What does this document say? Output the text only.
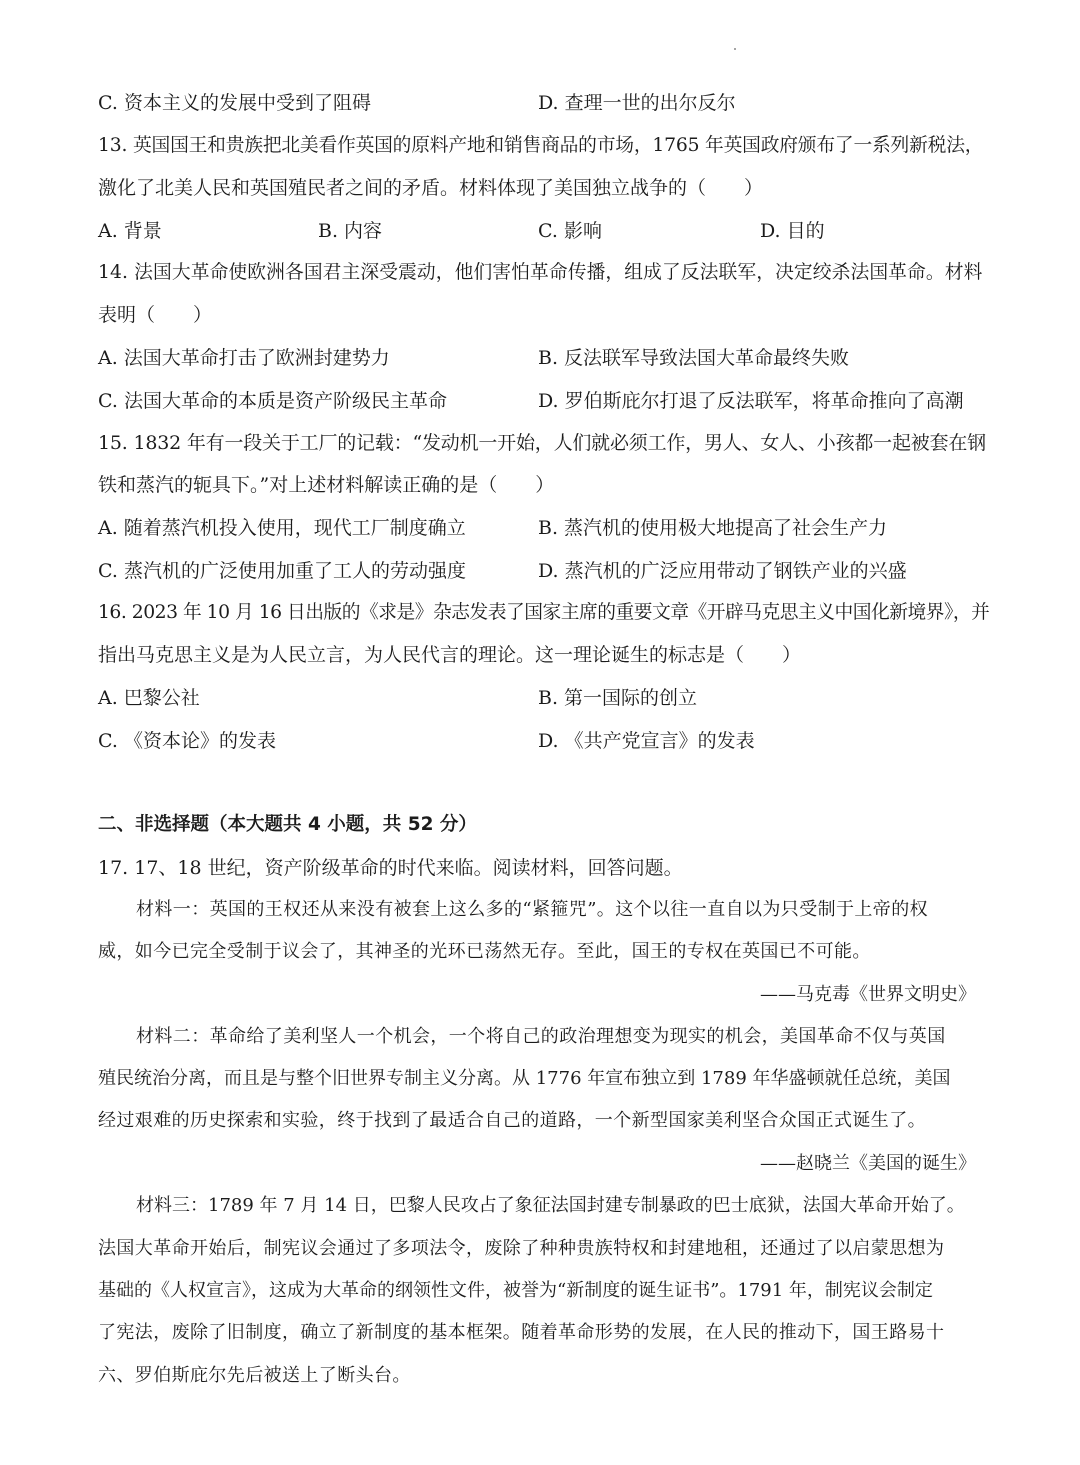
C. 资本主义的发展中受到了阻碍	D. 查理一世的出尔反尔
13. 英国国王和贵族把北美看作英国的原料产地和销售商品的市场，1765 年英国政府颁布了一系列新税法，
激化了北美人民和英国殖民者之间的矛盾。材料体现了美国独立战争的（　　）
A. 背景	B. 内容	C. 影响	D. 目的
14. 法国大革命使欧洲各国君主深受震动，他们害怕革命传播，组成了反法联军，决定绞杀法国革命。材料
表明（　　）
A. 法国大革命打击了欧洲封建势力	B. 反法联军导致法国大革命最终失败
C. 法国大革命的本质是资产阶级民主革命	D. 罗伯斯庇尔打退了反法联军，将革命推向了高潮
15. 1832 年有一段关于工厂的记载：“发动机一开始，人们就必须工作，男人、女人、小孩都一起被套在钢
铁和蒸汽的轭具下。”对上述材料解读正确的是（　　）
A. 随着蒸汽机投入使用，现代工厂制度确立	B. 蒸汽机的使用极大地提高了社会生产力
C. 蒸汽机的广泛使用加重了工人的劳动强度	D. 蒸汽机的广泛应用带动了钢铁产业的兴盛
16. 2023 年 10 月 16 日出版的《求是》杂志发表了国家主席的重要文章《开辟马克思主义中国化新境界》，并
指出马克思主义是为人民立言，为人民代言的理论。这一理论诞生的标志是（　　）
A. 巴黎公社	B. 第一国际的创立
C. 《资本论》的发表	D. 《共产党宣言》的发表
二、非选择题（本大题共 4 小题，共 52 分）
17. 17、18 世纪，资产阶级革命的时代来临。阅读材料，回答问题。
材料一：英国的王权还从来没有被套上这么多的“紧箍咒”。这个以往一直自以为只受制于上帝的权
威，如今已完全受制于议会了，其神圣的光环已荡然无存。至此，国王的专权在英国已不可能。
——马克毒《世界文明史》
材料二：革命给了美利坚人一个机会，一个将自己的政治理想变为现实的机会，美国革命不仅与英国
殖民统治分离，而且是与整个旧世界专制主义分离。从 1776 年宣布独立到 1789 年华盛顿就任总统，美国
经过艰难的历史探索和实验，终于找到了最适合自己的道路，一个新型国家美利坚合众国正式诞生了。
——赵晓兰《美国的诞生》
材料三：1789 年 7 月 14 日，巴黎人民攻占了象征法国封建专制暴政的巴士底狱，法国大革命开始了。
法国大革命开始后，制宪议会通过了多项法令，废除了种种贵族特权和封建地租，还通过了以启蒙思想为
基础的《人权宣言》，这成为大革命的纲领性文件，被誉为“新制度的诞生证书”。1791 年，制宪议会制定
了宪法，废除了旧制度，确立了新制度的基本框架。随着革命形势的发展，在人民的推动下，国王路易十
六、罗伯斯庇尔先后被送上了断头台。
